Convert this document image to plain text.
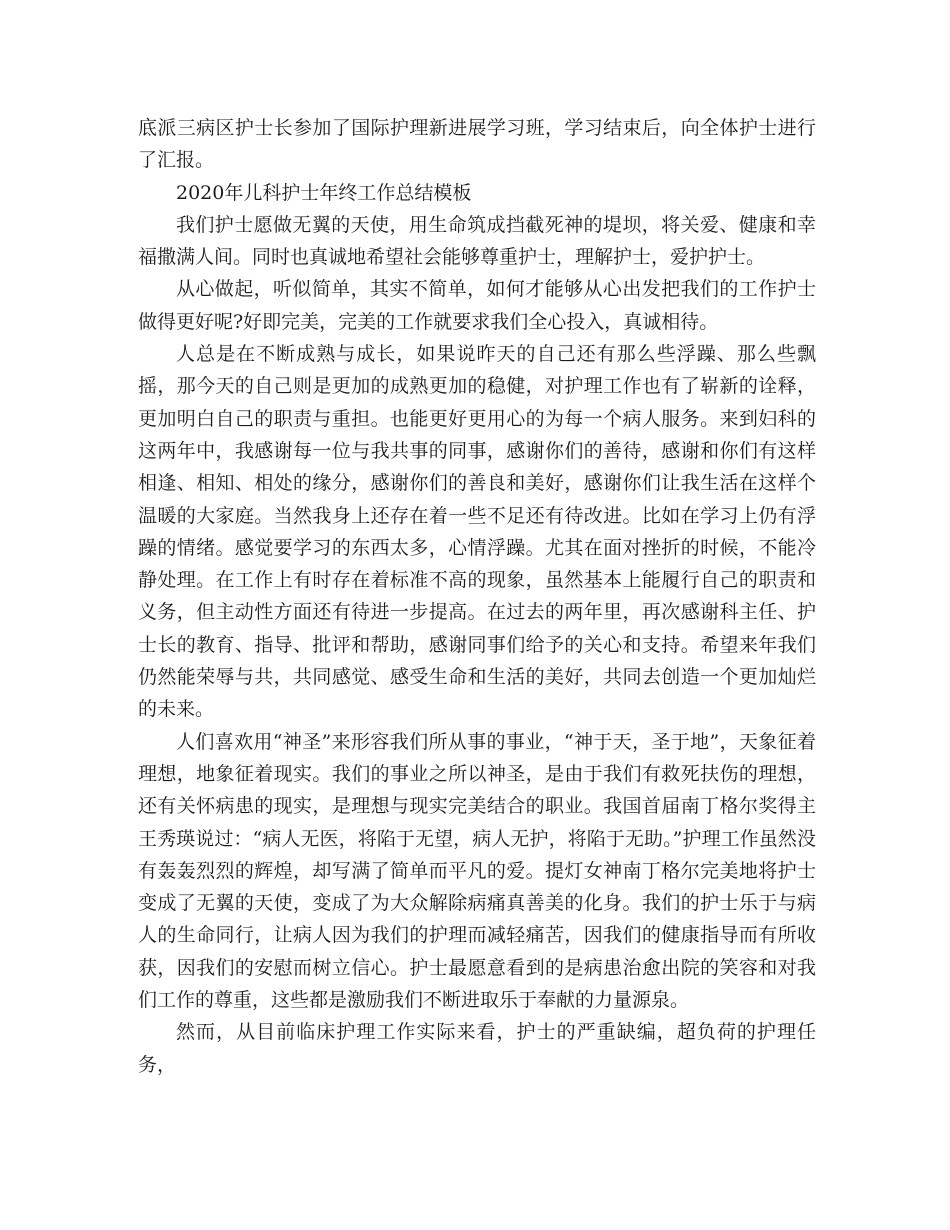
底派三病区护士长参加了国际护理新进展学习班，学习结束后，向全体护士进行了汇报。

2020年儿科护士年终工作总结模板

我们护士愿做无翼的天使，用生命筑成挡截死神的堤坝，将关爱、健康和幸福撒满人间。同时也真诚地希望社会能够尊重护士，理解护士，爱护护士。

从心做起，听似简单，其实不简单，如何才能够从心出发把我们的工作护士做得更好呢?好即完美，完美的工作就要求我们全心投入，真诚相待。

人总是在不断成熟与成长，如果说昨天的自己还有那么些浮躁、那么些飘摇，那今天的自己则是更加的成熟更加的稳健，对护理工作也有了崭新的诠释，更加明白自己的职责与重担。也能更好更用心的为每一个病人服务。来到妇科的这两年中，我感谢每一位与我共事的同事，感谢你们的善待，感谢和你们有这样相逢、相知、相处的缘分，感谢你们的善良和美好，感谢你们让我生活在这样个温暖的大家庭。当然我身上还存在着一些不足还有待改进。比如在学习上仍有浮躁的情绪。感觉要学习的东西太多，心情浮躁。尤其在面对挫折的时候，不能冷静处理。在工作上有时存在着标准不高的现象，虽然基本上能履行自己的职责和义务，但主动性方面还有待进一步提高。在过去的两年里，再次感谢科主任、护士长的教育、指导、批评和帮助，感谢同事们给予的关心和支持。希望来年我们仍然能荣辱与共，共同感觉、感受生命和生活的美好，共同去创造一个更加灿烂的未来。

人们喜欢用“神圣”来形容我们所从事的事业，“神于天，圣于地”，天象征着理想，地象征着现实。我们的事业之所以神圣，是由于我们有救死扶伤的理想，还有关怀病患的现实，是理想与现实完美结合的职业。我国首届南丁格尔奖得主王秀瑛说过：“病人无医，将陷于无望，病人无护，将陷于无助。”护理工作虽然没有轰轰烈烈的辉煌，却写满了简单而平凡的爱。提灯女神南丁格尔完美地将护士变成了无翼的天使，变成了为大众解除病痛真善美的化身。我们的护士乐于与病人的生命同行，让病人因为我们的护理而减轻痛苦，因我们的健康指导而有所收获，因我们的安慰而树立信心。护士最愿意看到的是病患治愈出院的笑容和对我们工作的尊重，这些都是激励我们不断进取乐于奉献的力量源泉。

然而，从目前临床护理工作实际来看，护士的严重缺编，超负荷的护理任务，
